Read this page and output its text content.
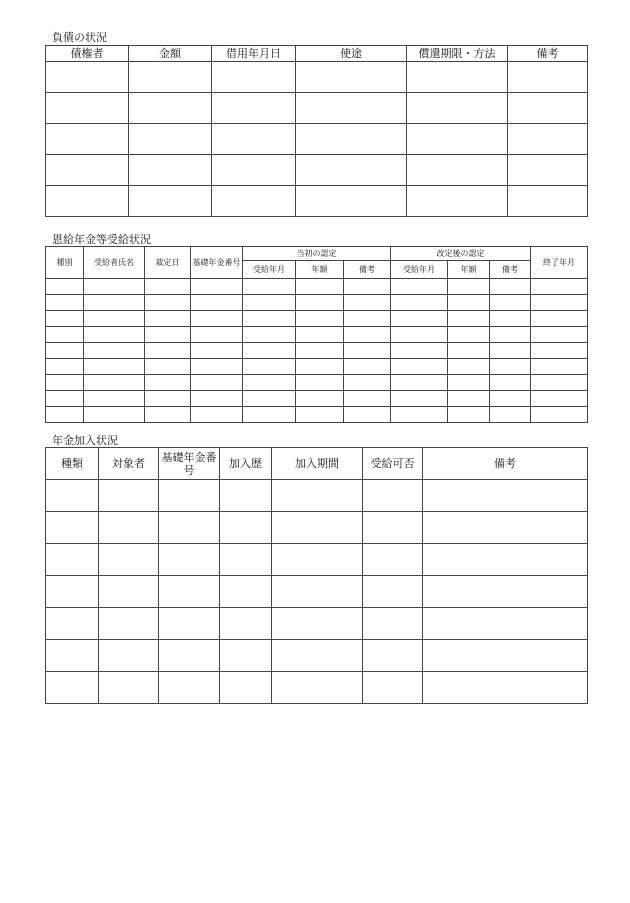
負債の状況
債権者	金額	借用年月日	使途	償還期限・方法	備考

恩給年金等受給状況
種別	受給者氏名	裁定日	基礎年金番号	当初の認定			改定後の認定			終了年月
				受給年月	年額	備考	受給年月	年額	備考	

年金加入状況
種類	対象者	基礎年金番号	加入歴	加入期間	受給可否	備考
